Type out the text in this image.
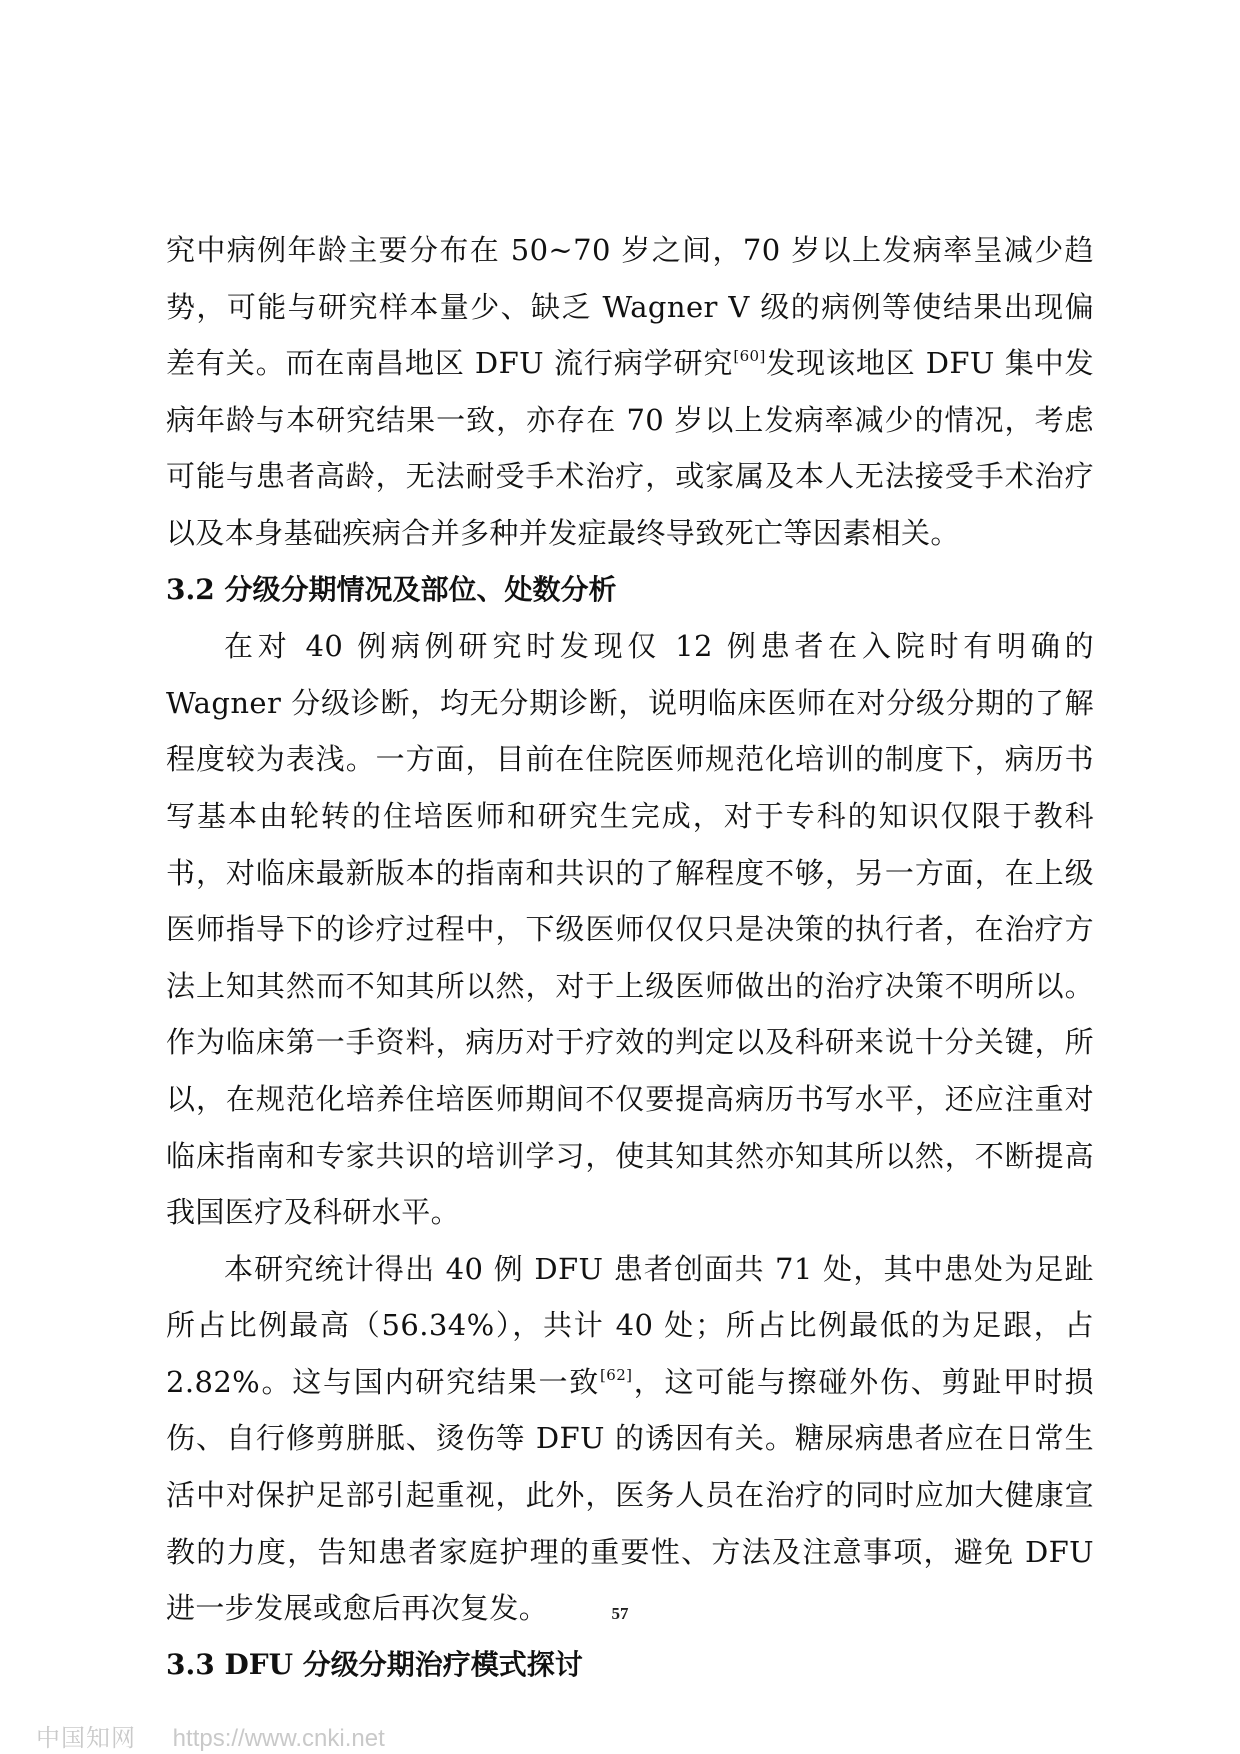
究中病例年龄主要分布在 50~70 岁之间，70 岁以上发病率呈减少趋势，可能与研究样本量少、缺乏 Wagner V 级的病例等使结果出现偏差有关。而在南昌地区 DFU 流行病学研究[60]发现该地区 DFU 集中发病年龄与本研究结果一致，亦存在 70 岁以上发病率减少的情况，考虑可能与患者高龄，无法耐受手术治疗，或家属及本人无法接受手术治疗以及本身基础疾病合并多种并发症最终导致死亡等因素相关。

3.2 分级分期情况及部位、处数分析

在对 40 例病例研究时发现仅 12 例患者在入院时有明确的 Wagner 分级诊断，均无分期诊断，说明临床医师在对分级分期的了解程度较为表浅。一方面，目前在住院医师规范化培训的制度下，病历书写基本由轮转的住培医师和研究生完成，对于专科的知识仅限于教科书，对临床最新版本的指南和共识的了解程度不够，另一方面，在上级医师指导下的诊疗过程中，下级医师仅仅只是决策的执行者，在治疗方法上知其然而不知其所以然，对于上级医师做出的治疗决策不明所以。作为临床第一手资料，病历对于疗效的判定以及科研来说十分关键，所以，在规范化培养住培医师期间不仅要提高病历书写水平，还应注重对临床指南和专家共识的培训学习，使其知其然亦知其所以然，不断提高我国医疗及科研水平。

本研究统计得出 40 例 DFU 患者创面共 71 处，其中患处为足趾所占比例最高（56.34%），共计 40 处；所占比例最低的为足跟，占 2.82%。这与国内研究结果一致[62]，这可能与擦碰外伤、剪趾甲时损伤、自行修剪胼胝、烫伤等 DFU 的诱因有关。糖尿病患者应在日常生活中对保护足部引起重视，此外，医务人员在治疗的同时应加大健康宣教的力度，告知患者家庭护理的重要性、方法及注意事项，避免 DFU 进一步发展或愈后再次复发。

3.3 DFU 分级分期治疗模式探讨
57
中国知网 https://www.cnki.net
